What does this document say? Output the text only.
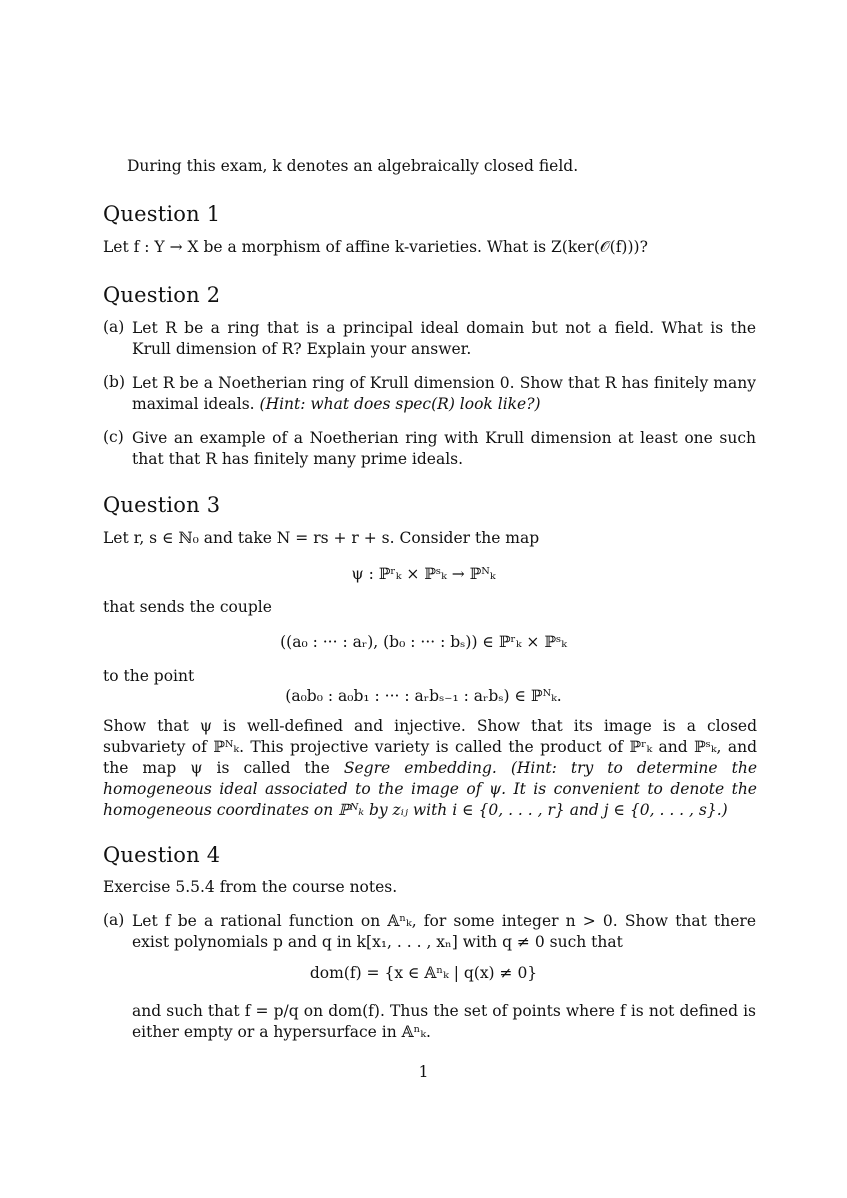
During this exam, k denotes an algebraically closed field.
Question 1
Let f : Y → X be a morphism of affine k-varieties. What is Z(ker(𝒪(f)))?
Question 2
(a) Let R be a ring that is a principal ideal domain but not a field. What is the Krull dimension of R? Explain your answer.
(b) Let R be a Noetherian ring of Krull dimension 0. Show that R has finitely many maximal ideals. (Hint: what does spec(R) look like?)
(c) Give an example of a Noetherian ring with Krull dimension at least one such that that R has finitely many prime ideals.
Question 3
Let r, s ∈ ℕ₀ and take N = rs + r + s. Consider the map
ψ : ℙʳₖ × ℙˢₖ → ℙᴺₖ
that sends the couple
((a₀ : ··· : aᵣ), (b₀ : ··· : bₛ)) ∈ ℙʳₖ × ℙˢₖ
to the point
(a₀b₀ : a₀b₁ : ··· : aᵣbₛ₋₁ : aᵣbₛ) ∈ ℙᴺₖ.
Show that ψ is well-defined and injective. Show that its image is a closed subvariety of ℙᴺₖ. This projective variety is called the product of ℙʳₖ and ℙˢₖ, and the map ψ is called the Segre embedding. (Hint: try to determine the homogeneous ideal associated to the image of ψ. It is convenient to denote the homogeneous coordinates on ℙᴺₖ by zᵢⱼ with i ∈ {0, . . . , r} and j ∈ {0, . . . , s}.)
Question 4
Exercise 5.5.4 from the course notes.
(a) Let f be a rational function on 𝔸ⁿₖ, for some integer n > 0. Show that there exist polynomials p and q in k[x₁, . . . , xₙ] with q ≠ 0 such that
dom(f) = {x ∈ 𝔸ⁿₖ | q(x) ≠ 0}
and such that f = p/q on dom(f). Thus the set of points where f is not defined is either empty or a hypersurface in 𝔸ⁿₖ.
1
